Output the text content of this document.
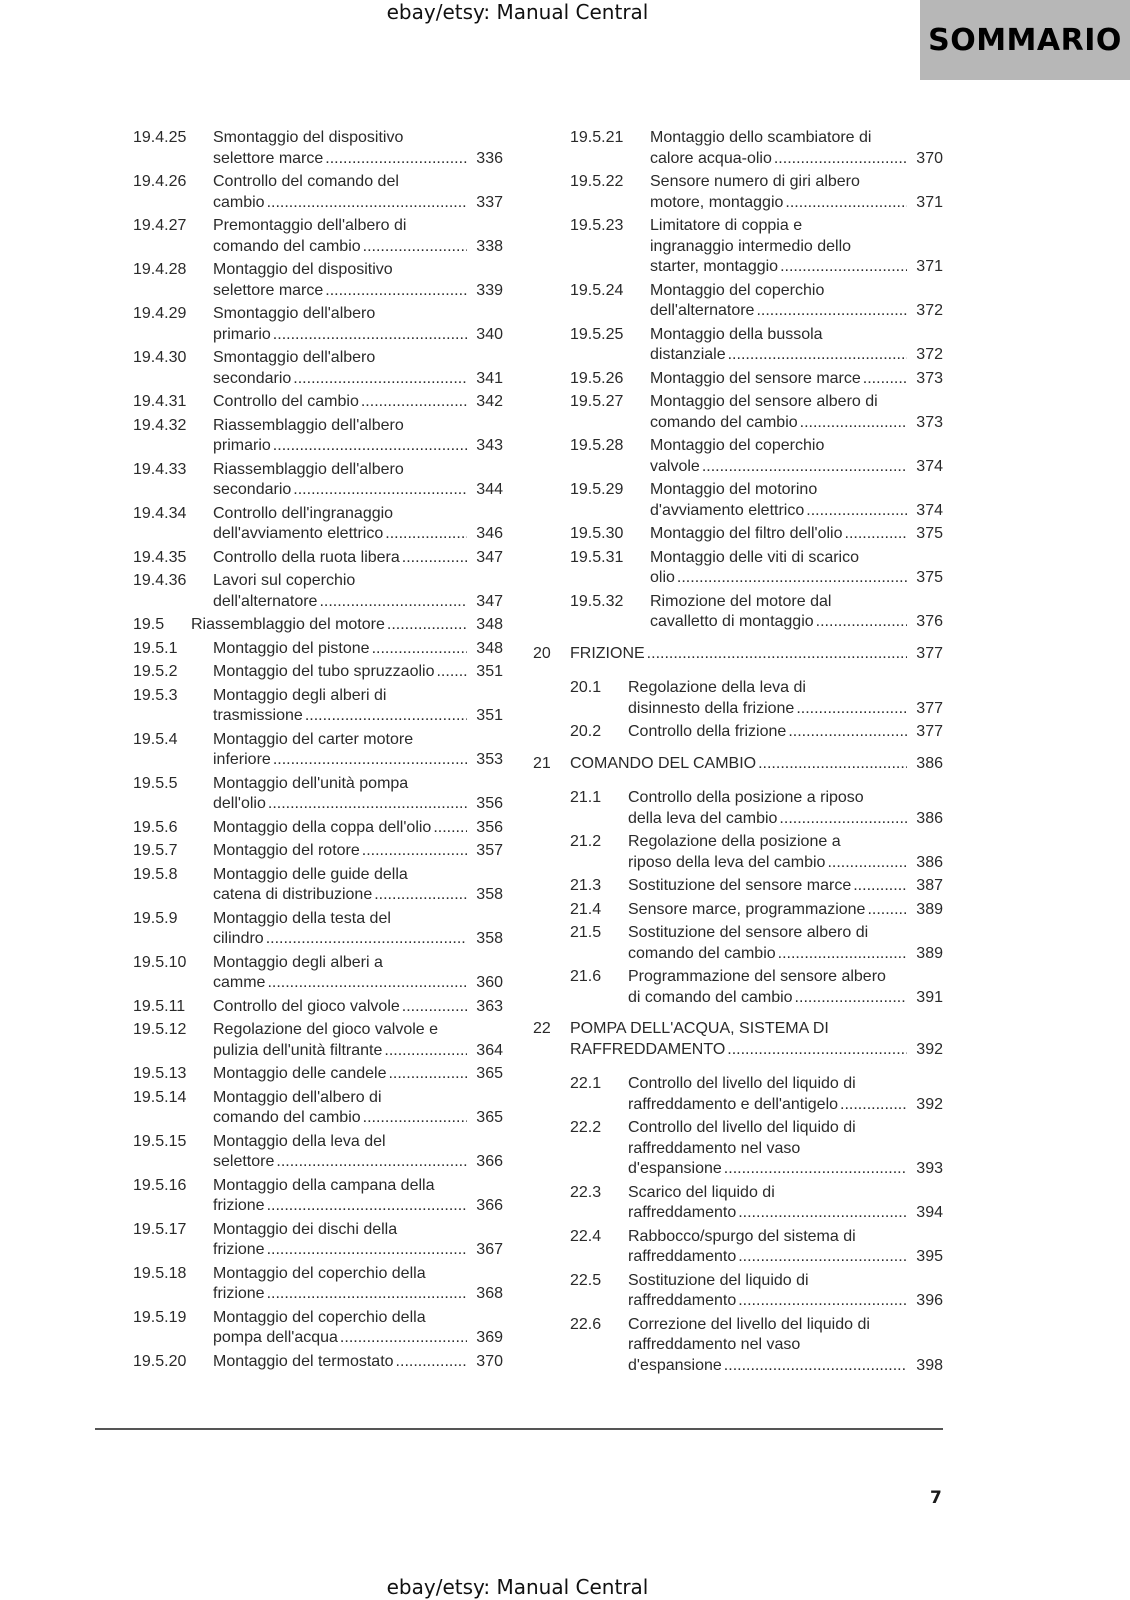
ebay/etsy: Manual Central
SOMMARIO
19.4.25	Smontaggio del dispositivo
selettore marce .....	336
19.4.26	Controllo del comando del
cambio .....	337
19.4.27	Premontaggio dell'albero di
comando del cambio .....	338
19.4.28	Montaggio del dispositivo
selettore marce .....	339
19.4.29	Smontaggio dell'albero
primario .....	340
19.4.30	Smontaggio dell'albero
secondario .....	341
19.4.31	Controllo del cambio .....	342
19.4.32	Riassemblaggio dell'albero
primario .....	343
19.4.33	Riassemblaggio dell'albero
secondario .....	344
19.4.34	Controllo dell'ingranaggio
dell'avviamento elettrico .....	346
19.4.35	Controllo della ruota libera .....	347
19.4.36	Lavori sul coperchio
dell'alternatore .....	347
19.5	Riassemblaggio del motore .....	348
19.5.1	Montaggio del pistone .....	348
19.5.2	Montaggio del tubo spruzzaolio .....	351
19.5.3	Montaggio degli alberi di
trasmissione .....	351
19.5.4	Montaggio del carter motore
inferiore .....	353
19.5.5	Montaggio dell'unità pompa
dell'olio .....	356
19.5.6	Montaggio della coppa dell'olio .....	356
19.5.7	Montaggio del rotore .....	357
19.5.8	Montaggio delle guide della
catena di distribuzione .....	358
19.5.9	Montaggio della testa del
cilindro .....	358
19.5.10	Montaggio degli alberi a
camme .....	360
19.5.11	Controllo del gioco valvole .....	363
19.5.12	Regolazione del gioco valvole e
pulizia dell'unità filtrante .....	364
19.5.13	Montaggio delle candele .....	365
19.5.14	Montaggio dell'albero di
comando del cambio .....	365
19.5.15	Montaggio della leva del
selettore .....	366
19.5.16	Montaggio della campana della
frizione .....	366
19.5.17	Montaggio dei dischi della
frizione .....	367
19.5.18	Montaggio del coperchio della
frizione .....	368
19.5.19	Montaggio del coperchio della
pompa dell'acqua .....	369
19.5.20	Montaggio del termostato .....	370
19.5.21	Montaggio dello scambiatore di
calore acqua-olio .....	370
19.5.22	Sensore numero di giri albero
motore, montaggio .....	371
19.5.23	Limitatore di coppia e
ingranaggio intermedio dello
starter, montaggio .....	371
19.5.24	Montaggio del coperchio
dell'alternatore .....	372
19.5.25	Montaggio della bussola
distanziale .....	372
19.5.26	Montaggio del sensore marce .....	373
19.5.27	Montaggio del sensore albero di
comando del cambio .....	373
19.5.28	Montaggio del coperchio
valvole .....	374
19.5.29	Montaggio del motorino
d'avviamento elettrico .....	374
19.5.30	Montaggio del filtro dell'olio .....	375
19.5.31	Montaggio delle viti di scarico
olio .....	375
19.5.32	Rimozione del motore dal
cavalletto di montaggio .....	376
20	FRIZIONE .....	377
20.1	Regolazione della leva di
disinnesto della frizione .....	377
20.2	Controllo della frizione .....	377
21	COMANDO DEL CAMBIO .....	386
21.1	Controllo della posizione a riposo
della leva del cambio .....	386
21.2	Regolazione della posizione a
riposo della leva del cambio .....	386
21.3	Sostituzione del sensore marce .....	387
21.4	Sensore marce, programmazione .....	389
21.5	Sostituzione del sensore albero di
comando del cambio .....	389
21.6	Programmazione del sensore albero
di comando del cambio .....	391
22	POMPA DELL'ACQUA, SISTEMA DI
RAFFREDDAMENTO .....	392
22.1	Controllo del livello del liquido di
raffreddamento e dell'antigelo .....	392
22.2	Controllo del livello del liquido di
raffreddamento nel vaso
d'espansione .....	393
22.3	Scarico del liquido di
raffreddamento .....	394
22.4	Rabbocco/spurgo del sistema di
raffreddamento .....	395
22.5	Sostituzione del liquido di
raffreddamento .....	396
22.6	Correzione del livello del liquido di
raffreddamento nel vaso
d'espansione .....	398
7
ebay/etsy: Manual Central
